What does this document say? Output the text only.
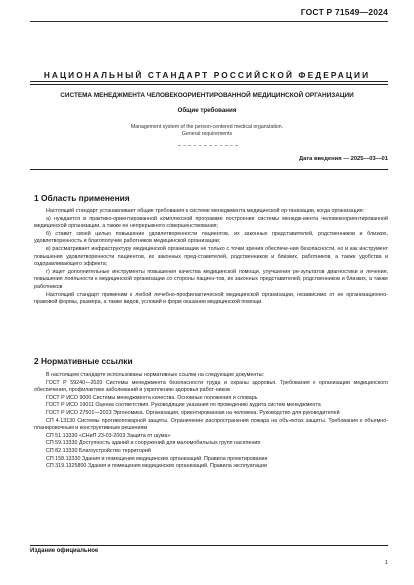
ГОСТ Р 71549—2024
НАЦИОНАЛЬНЫЙ СТАНДАРТ РОССИЙСКОЙ ФЕДЕРАЦИИ
СИСТЕМА МЕНЕДЖМЕНТА ЧЕЛОВЕКООРИЕНТИРОВАННОЙ МЕДИЦИНСКОЙ ОРГАНИЗАЦИИ
Общие требования
Management system of the person-centered medical organization.
General requirements
Дата введения — 2025—03—01
1 Область применения

Настоящий стандарт устанавливает общие требования к системе менеджмента медицинской ор-ганизации, когда организация:

а) нуждается в практико-ориентированной комплексной программе построения системы менедж-мента человекоориентированной медицинской организации, а также ее непрерывного совершенствования;

б) ставит своей целью повышение удовлетворенности пациентов, их законных представителей, родственников и близких, удовлетворенность и благополучие работников медицинской организации;

в) рассматривает инфраструктуру медицинской организации не только с точки зрения обеспече-ния безопасности, но и как инструмент повышения удовлетворенности пациентов, их законных пред-ставителей, родственников и близких, работников, а также удобства и оздоравливающего эффекта;

г) ищет дополнительные инструменты повышения качества медицинской помощи, улучшения ре-зультатов диагностики и лечения, повышения лояльности к медицинской организации со стороны пациен-тов, их законных представителей, родственников и близких, а также работников

Настоящий стандарт применим к любой лечебно-профилактической медицинской организации, независимо от ее организационно-правовой формы, размера, а также видов, условий и форм оказания медицинской помощи.

2 Нормативные ссылки

В настоящем стандарте использованы нормативные ссылки на следующие документы:

ГОСТ Р 59240—2020 Системы менеджмента безопасности труда и охраны здоровья. Требования к организации медицинского обеспечения, профилактике заболеваний и укреплению здоровья работ-ников

ГОСТ Р ИСО 9000 Системы менеджмента качества. Основные положения и словарь

ГОСТ Р ИСО 19011 Оценка соответствия. Руководящие указания по проведению аудита систем менеджмента

ГОСТ Р ИСО 27501—2023 Эргономика. Организация, ориентированная на человека. Руководство для руководителей

СП 4.13130 Системы противопожарной защиты. Ограничение распространения пожара на объ-ектах защиты. Требования к объемно-планировочным и конструктивным решениям

СП 51.13330 «СНиП 23-03-2003 Защита от шума»

СП 59.13330 Доступность зданий и сооружений для маломобильных групп населения

СП 82.13330 Благоустройство территорий

СП 158.13330 Здания и помещения медицинских организаций. Правила проектирования

СП 319.1325800 Здания и помещения медицинских организаций. Правила эксплуатации

Издание официальное
1
